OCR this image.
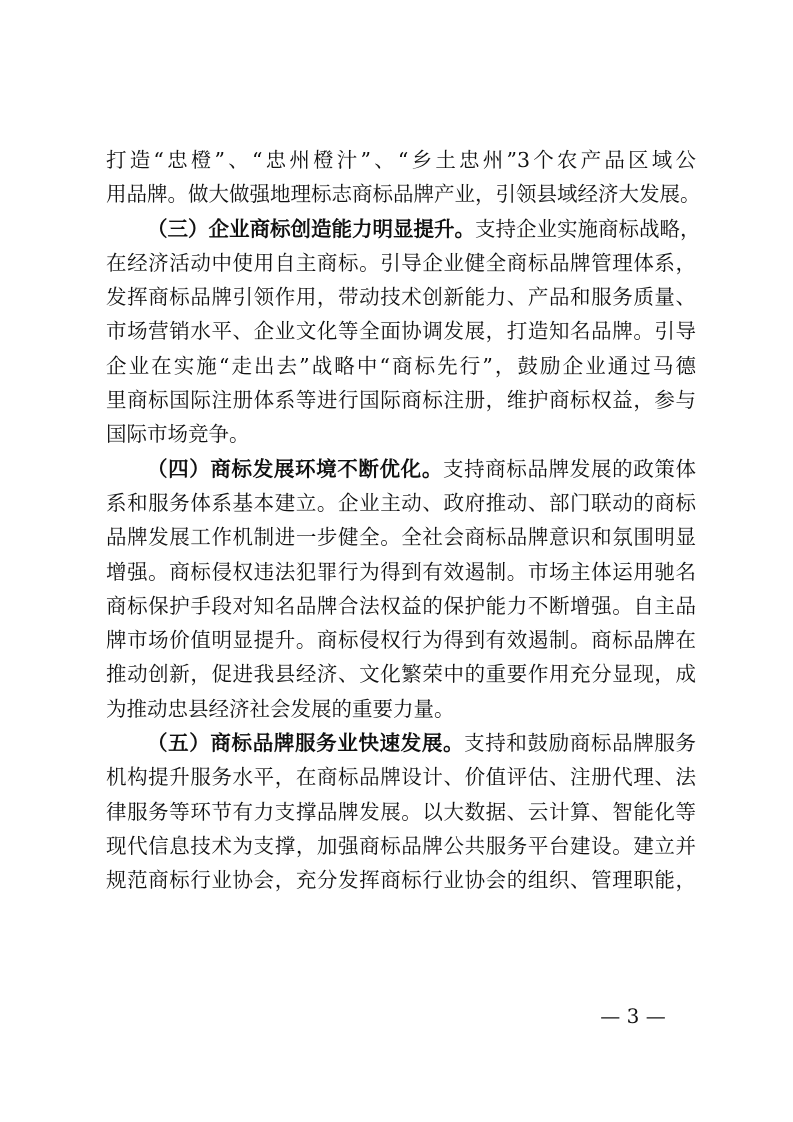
打造“忠橙”、“忠州橙汁”、“乡土忠州”3个农产品区域公
用品牌。做大做强地理标志商标品牌产业，引领县域经济大发展。
（三）企业商标创造能力明显提升。支持企业实施商标战略，
在经济活动中使用自主商标。引导企业健全商标品牌管理体系，
发挥商标品牌引领作用，带动技术创新能力、产品和服务质量、
市场营销水平、企业文化等全面协调发展，打造知名品牌。引导
企业在实施“走出去”战略中“商标先行”，鼓励企业通过马德
里商标国际注册体系等进行国际商标注册，维护商标权益，参与
国际市场竞争。
（四）商标发展环境不断优化。支持商标品牌发展的政策体
系和服务体系基本建立。企业主动、政府推动、部门联动的商标
品牌发展工作机制进一步健全。全社会商标品牌意识和氛围明显
增强。商标侵权违法犯罪行为得到有效遏制。市场主体运用驰名
商标保护手段对知名品牌合法权益的保护能力不断增强。自主品
牌市场价值明显提升。商标侵权行为得到有效遏制。商标品牌在
推动创新，促进我县经济、文化繁荣中的重要作用充分显现，成
为推动忠县经济社会发展的重要力量。
（五）商标品牌服务业快速发展。支持和鼓励商标品牌服务
机构提升服务水平，在商标品牌设计、价值评估、注册代理、法
律服务等环节有力支撑品牌发展。以大数据、云计算、智能化等
现代信息技术为支撑，加强商标品牌公共服务平台建设。建立并
规范商标行业协会，充分发挥商标行业协会的组织、管理职能，
— 3 —
